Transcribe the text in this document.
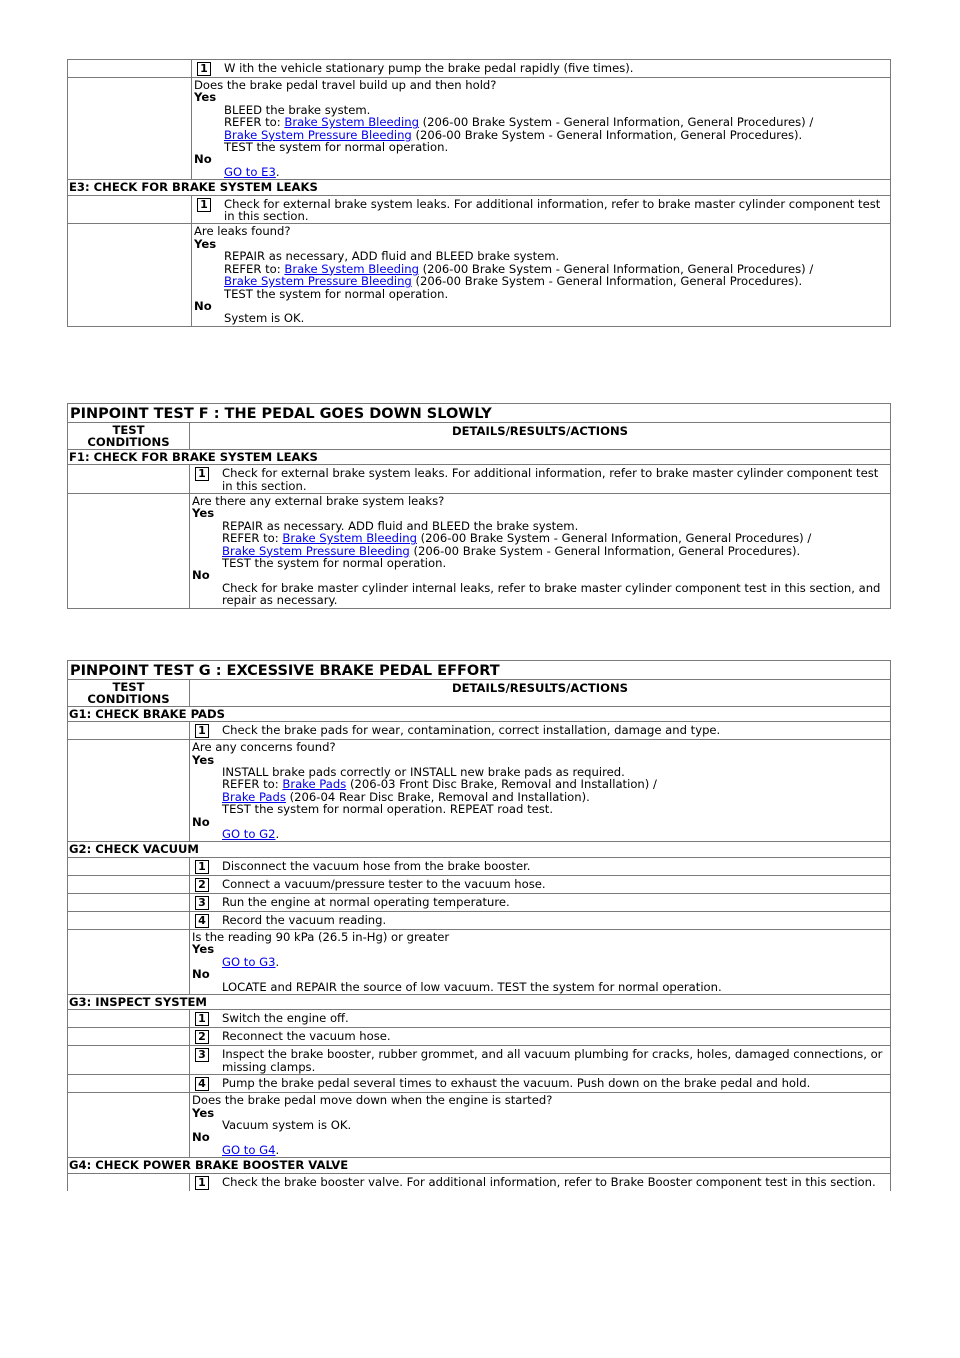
1 W ith the vehicle stationary pump the brake pedal rapidly (five times).
Does the brake pedal travel build up and then hold?
Yes
BLEED the brake system.
REFER to: Brake System Bleeding (206-00 Brake System - General Information, General Procedures) /
Brake System Pressure Bleeding (206-00 Brake System - General Information, General Procedures).
TEST the system for normal operation.
No
GO to E3.
E3: CHECK FOR BRAKE SYSTEM LEAKS
1 Check for external brake system leaks. For additional information, refer to brake master cylinder component test in this section.
Are leaks found?
Yes
REPAIR as necessary, ADD fluid and BLEED brake system.
REFER to: Brake System Bleeding (206-00 Brake System - General Information, General Procedures) /
Brake System Pressure Bleeding (206-00 Brake System - General Information, General Procedures).
TEST the system for normal operation.
No
System is OK.
PINPOINT TEST F : THE PEDAL GOES DOWN SLOWLY
TEST CONDITIONS
DETAILS/RESULTS/ACTIONS
F1: CHECK FOR BRAKE SYSTEM LEAKS
1 Check for external brake system leaks. For additional information, refer to brake master cylinder component test in this section.
Are there any external brake system leaks?
Yes
REPAIR as necessary. ADD fluid and BLEED the brake system.
REFER to: Brake System Bleeding (206-00 Brake System - General Information, General Procedures) /
Brake System Pressure Bleeding (206-00 Brake System - General Information, General Procedures).
TEST the system for normal operation.
No
Check for brake master cylinder internal leaks, refer to brake master cylinder component test in this section, and repair as necessary.
PINPOINT TEST G : EXCESSIVE BRAKE PEDAL EFFORT
TEST CONDITIONS
DETAILS/RESULTS/ACTIONS
G1: CHECK BRAKE PADS
1 Check the brake pads for wear, contamination, correct installation, damage and type.
Are any concerns found?
Yes
INSTALL brake pads correctly or INSTALL new brake pads as required.
REFER to: Brake Pads (206-03 Front Disc Brake, Removal and Installation) /
Brake Pads (206-04 Rear Disc Brake, Removal and Installation).
TEST the system for normal operation. REPEAT road test.
No
GO to G2.
G2: CHECK VACUUM
1 Disconnect the vacuum hose from the brake booster.
2 Connect a vacuum/pressure tester to the vacuum hose.
3 Run the engine at normal operating temperature.
4 Record the vacuum reading.
Is the reading 90 kPa (26.5 in-Hg) or greater
Yes
GO to G3.
No
LOCATE and REPAIR the source of low vacuum. TEST the system for normal operation.
G3: INSPECT SYSTEM
1 Switch the engine off.
2 Reconnect the vacuum hose.
3 Inspect the brake booster, rubber grommet, and all vacuum plumbing for cracks, holes, damaged connections, or missing clamps.
4 Pump the brake pedal several times to exhaust the vacuum. Push down on the brake pedal and hold.
Does the brake pedal move down when the engine is started?
Yes
Vacuum system is OK.
No
GO to G4.
G4: CHECK POWER BRAKE BOOSTER VALVE
1 Check the brake booster valve. For additional information, refer to Brake Booster component test in this section.
